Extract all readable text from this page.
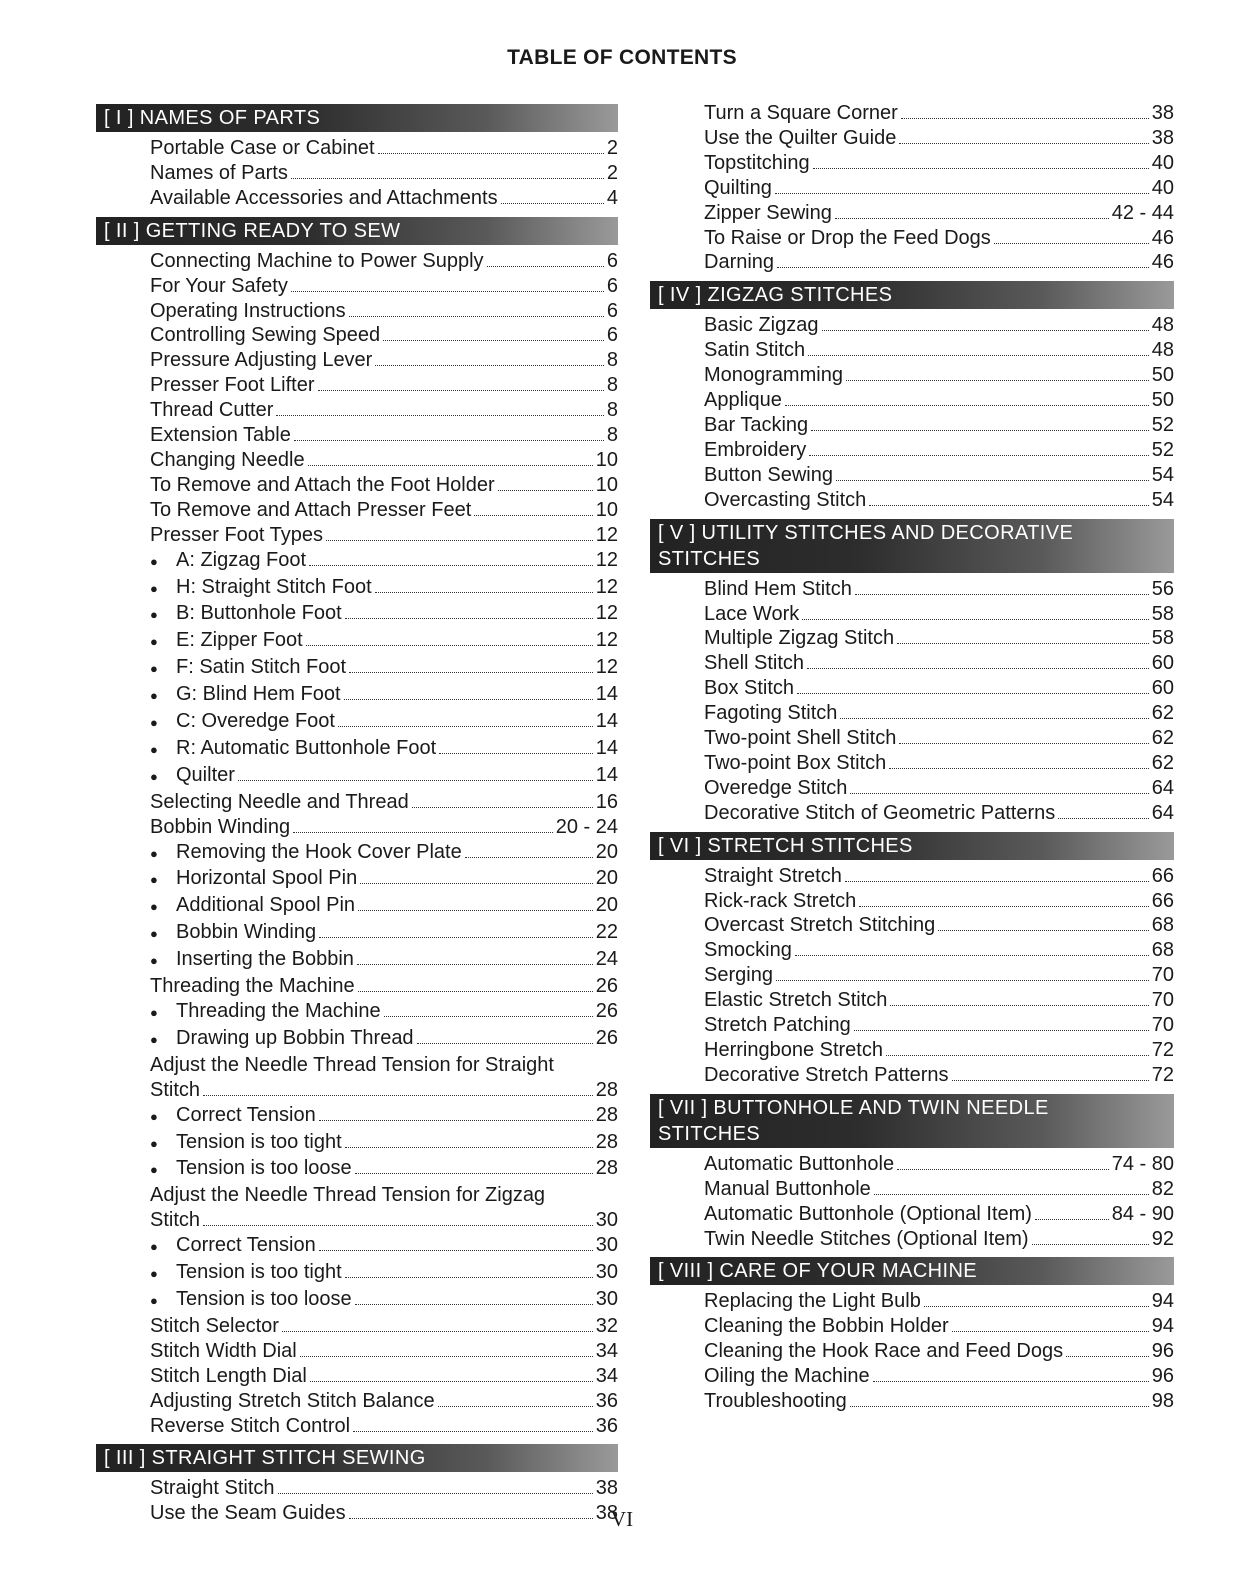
TABLE OF CONTENTS
[ I ] NAMES OF PARTS
Portable Case or Cabinet	2
Names of Parts	2
Available Accessories and Attachments	4
[ II ] GETTING READY TO SEW
Connecting Machine to Power Supply	6
For Your Safety	6
Operating Instructions	6
Controlling Sewing Speed	6
Pressure Adjusting Lever	8
Presser Foot Lifter	8
Thread Cutter	8
Extension Table	8
Changing Needle	10
To Remove and Attach the Foot Holder	10
To Remove and Attach Presser Feet	10
Presser Foot Types	12
● A: Zigzag Foot	12
● H: Straight Stitch Foot	12
● B: Buttonhole Foot	12
● E: Zipper Foot	12
● F: Satin Stitch Foot	12
● G: Blind Hem Foot	14
● C: Overedge Foot	14
● R: Automatic Buttonhole Foot	14
● Quilter	14
Selecting Needle and Thread	16
Bobbin Winding	20 - 24
● Removing the Hook Cover Plate	20
● Horizontal Spool Pin	20
● Additional Spool Pin	20
● Bobbin Winding	22
● Inserting the Bobbin	24
Threading the Machine	26
● Threading the Machine	26
● Drawing up Bobbin Thread	26
Adjust the Needle Thread Tension for Straight
Stitch	28
● Correct Tension	28
● Tension is too tight	28
● Tension is too loose	28
Adjust the Needle Thread Tension for Zigzag
Stitch	30
● Correct Tension	30
● Tension is too tight	30
● Tension is too loose	30
Stitch Selector	32
Stitch Width Dial	34
Stitch Length Dial	34
Adjusting Stretch Stitch Balance	36
Reverse Stitch Control	36
[ III ] STRAIGHT STITCH SEWING
Straight Stitch	38
Use the Seam Guides	38
Turn a Square Corner	38
Use the Quilter Guide	38
Topstitching	40
Quilting	40
Zipper Sewing	42 - 44
To Raise or Drop the Feed Dogs	46
Darning	46
[ IV ] ZIGZAG STITCHES
Basic Zigzag	48
Satin Stitch	48
Monogramming	50
Applique	50
Bar Tacking	52
Embroidery	52
Button Sewing	54
Overcasting Stitch	54
[ V ] UTILITY STITCHES AND DECORATIVE
STITCHES
Blind Hem Stitch	56
Lace Work	58
Multiple Zigzag Stitch	58
Shell Stitch	60
Box Stitch	60
Fagoting Stitch	62
Two-point Shell Stitch	62
Two-point Box Stitch	62
Overedge Stitch	64
Decorative Stitch of Geometric Patterns	64
[ VI ] STRETCH STITCHES
Straight Stretch	66
Rick-rack Stretch	66
Overcast Stretch Stitching	68
Smocking	68
Serging	70
Elastic Stretch Stitch	70
Stretch Patching	70
Herringbone Stretch	72
Decorative Stretch Patterns	72
[ VII ] BUTTONHOLE AND TWIN NEEDLE
STITCHES
Automatic Buttonhole	74 - 80
Manual Buttonhole	82
Automatic Buttonhole (Optional Item)	84 - 90
Twin Needle Stitches (Optional Item)	92
[ VIII ] CARE OF YOUR MACHINE
Replacing the Light Bulb	94
Cleaning the Bobbin Holder	94
Cleaning the Hook Race and Feed Dogs	96
Oiling the Machine	96
Troubleshooting	98
VI
